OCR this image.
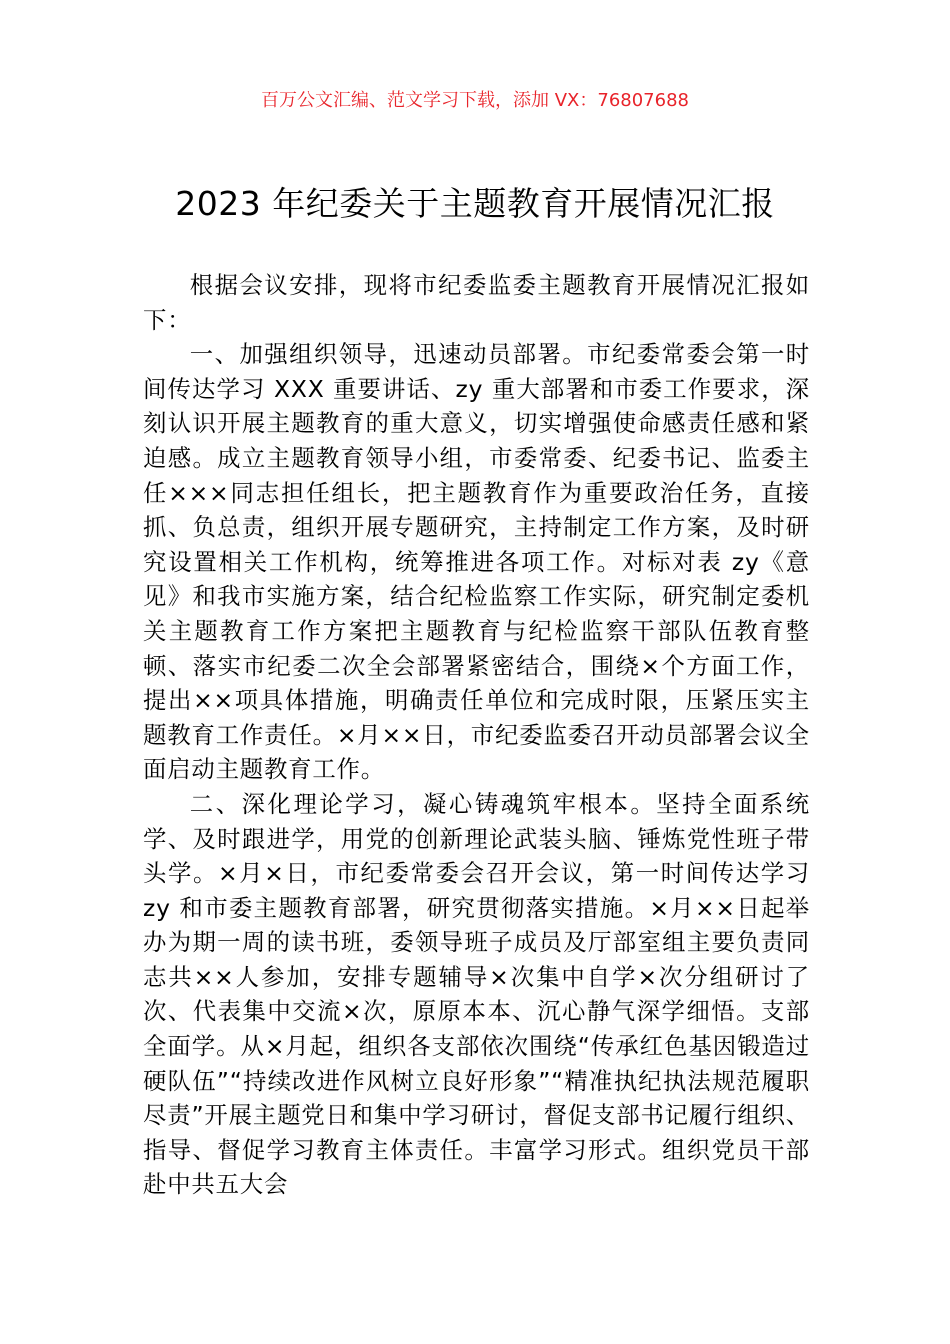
百万公文汇编、范文学习下载，添加 VX：76807688
2023 年纪委关于主题教育开展情况汇报

根据会议安排，现将市纪委监委主题教育开展情况汇报如下：

一、加强组织领导，迅速动员部署。市纪委常委会第一时间传达学习 XXX 重要讲话、zy 重大部署和市委工作要求，深刻认识开展主题教育的重大意义，切实增强使命感责任感和紧迫感。成立主题教育领导小组，市委常委、纪委书记、监委主任×××同志担任组长，把主题教育作为重要政治任务，直接抓、负总责，组织开展专题研究，主持制定工作方案，及时研究设置相关工作机构，统筹推进各项工作。对标对表 zy《意见》和我市实施方案，结合纪检监察工作实际，研究制定委机关主题教育工作方案把主题教育与纪检监察干部队伍教育整顿、落实市纪委二次全会部署紧密结合，围绕×个方面工作，提出××项具体措施，明确责任单位和完成时限，压紧压实主题教育工作责任。×月××日，市纪委监委召开动员部署会议全面启动主题教育工作。

二、深化理论学习，凝心铸魂筑牢根本。坚持全面系统学、及时跟进学，用党的创新理论武装头脑、锤炼党性班子带头学。×月×日，市纪委常委会召开会议，第一时间传达学习 zy 和市委主题教育部署，研究贯彻落实措施。×月××日起举办为期一周的读书班，委领导班子成员及厅部室组主要负责同志共××人参加，安排专题辅导×次集中自学×次分组研讨了次、代表集中交流×次，原原本本、沉心静气深学细悟。支部全面学。从×月起，组织各支部依次围绕“传承红色基因锻造过硬队伍”“持续改进作风树立良好形象”“精准执纪执法规范履职尽责”开展主题党日和集中学习研讨，督促支部书记履行组织、指导、督促学习教育主体责任。丰富学习形式。组织党员干部赴中共五大会
